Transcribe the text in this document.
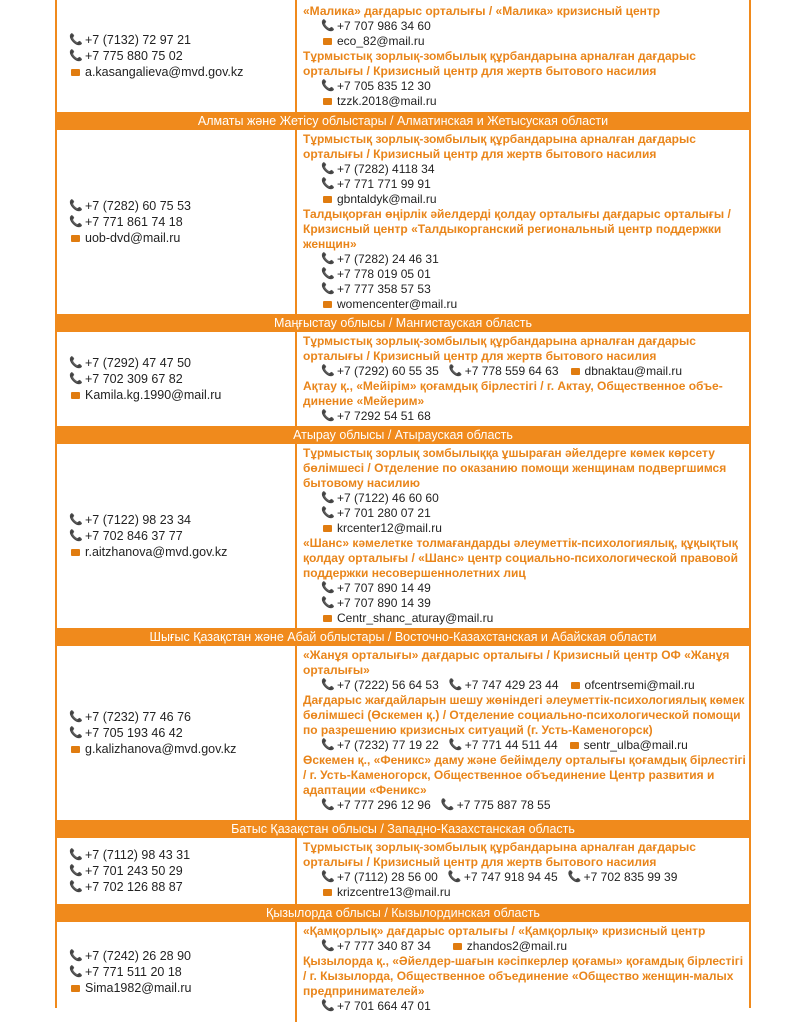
📞 +7 (7132) 72 97 21
📞 +7 775 880 75 02
a.kasangalieva@mvd.gov.kz
«Малика» дағдарыс орталығы / «Малика» кризисный центр
📞 +7 707 986 34 60
eco_82@mail.ru
Тұрмыстық зорлық-зомбылық құрбандарына арналған дағдарыс орталығы / Кризисный центр для жертв бытового насилия
📞 +7 705 835 12 30
tzzk.2018@mail.ru
Алматы және Жетісу облыстары / Алматинская и Жетысуская области
📞 +7 (7282) 60 75 53
📞 +7 771 861 74 18
uob-dvd@mail.ru
Тұрмыстық зорлық-зомбылық құрбандарына арналған дағдарыс орталығы / Кризисный центр для жертв бытового насилия
📞 +7 (7282) 4118 34
📞 +7 771 771 99 91
gbntaldyk@mail.ru
Талдықорған өңірлік әйелдерді қолдау орталығы дағдарыс орталығы / Кризисный центр «Талдыкорганский региональный центр поддержки женщин»
📞 +7 (7282) 24 46 31
📞 +7 778 019 05 01
📞 +7 777 358 57 53
womencenter@mail.ru
Маңғыстау облысы / Мангистауская область
📞 +7 (7292) 47 47 50
📞 +7 702 309 67 82
Kamila.kg.1990@mail.ru
Тұрмыстық зорлық-зомбылық құрбандарына арналған дағдарыс орталығы / Кризисный центр для жертв бытового насилия
📞 +7 (7292) 60 55 35 📞 +7 778 559 64 63 dbnaktau@mail.ru
Ақтау қ., «Мейірім» қоғамдық бірлестігі / г. Актау, Общественное объединение «Мейерим»
📞 +7 7292 54 51 68
Атырау облысы / Атырауская область
📞 +7 (7122) 98 23 34
📞 +7 702 846 37 77
r.aitzhanova@mvd.gov.kz
Тұрмыстық зорлық зомбылыққа ұшыраған әйелдерге көмек көрсету бөлімшесі / Отделение по оказанию помощи женщинам подвергшимся бытовому насилию
📞 +7 (7122) 46 60 60
📞 +7 701 280 07 21
krcenter12@mail.ru
«Шанс» кәмелетке толмағандарды әлеуметтік-психологиялық, құқықтық қолдау орталығы / «Шанс» центр социально-психологической правовой поддержки несовершеннолетних лиц
📞 +7 707 890 14 49
📞 +7 707 890 14 39
Centr_shanc_aturay@mail.ru
Шығыс Қазақстан және Абай облыстары / Восточно-Казахстанская и Абайская области
📞 +7 (7232) 77 46 76
📞 +7 705 193 46 42
g.kalizhanova@mvd.gov.kz
«Жанұя орталығы» дағдарыс орталығы / Кризисный центр ОФ «Жанұя орталығы»
📞 +7 (7222) 56 64 53 📞 +7 747 429 23 44 ofcentrsemi@mail.ru
Дағдарыс жағдайларын шешу жөніндегі әлеуметтік-психологиялық көмек бөлімшесі (Өскемен қ.) / Отделение социально-психологической помощи по разрешению кризисных ситуаций (г. Усть-Каменогорск)
📞 +7 (7232) 77 19 22 📞 +7 771 44 511 44 sentr_ulba@mail.ru
Өскемен қ., «Феникс» даму және бейімделу орталығы қоғамдық бірлестігі / г. Усть-Каменогорск, Общественное объединение Центр развития и адаптации «Феникс»
📞 +7 777 296 12 96 📞 +7 775 887 78 55
Батыс Қазақстан облысы / Западно-Казахстанская область
📞 +7 (7112) 98 43 31
📞 +7 701 243 50 29
📞 +7 702 126 88 87
Тұрмыстық зорлық-зомбылық құрбандарына арналған дағдарыс орталығы / Кризисный центр для жертв бытового насилия
📞 +7 (7112) 28 56 00 📞 +7 747 918 94 45 📞 +7 702 835 99 39
krizcentre13@mail.ru
Қызылорда облысы / Кызылординская область
📞 +7 (7242) 26 28 90
📞 +7 771 511 20 18
Sima1982@mail.ru
«Қамқорлық» дағдарыс орталығы / «Қамқорлық» кризисный центр
📞 +7 777 340 87 34	zhandos2@mail.ru
Қызылорда қ., «Әйелдер-шағын кәсіпкерлер қоғамы» қоғамдық бірлестігі / г. Кызылорда, Общественное объединение «Общество женщин-малых предпринимателей»
📞 +7 701 664 47 01
